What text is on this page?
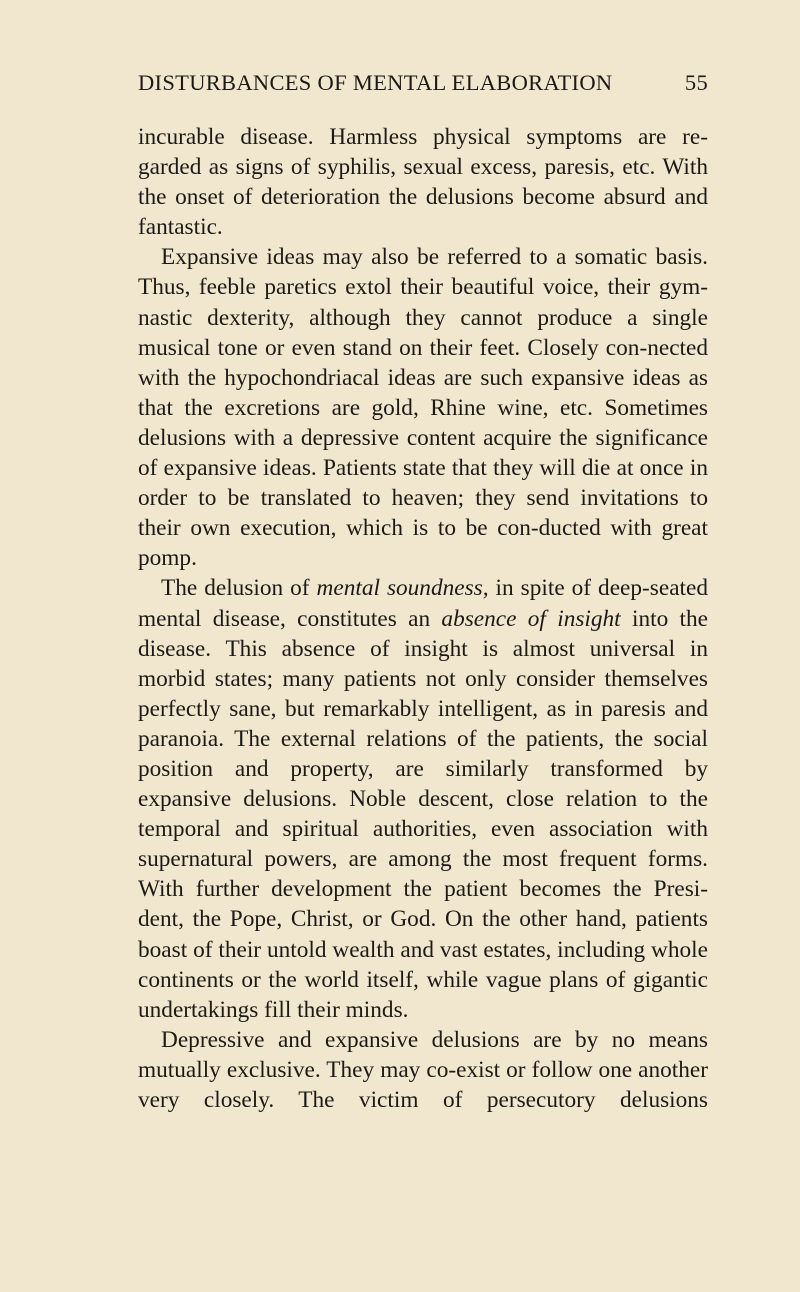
DISTURBANCES OF MENTAL ELABORATION	55

incurable disease. Harmless physical symptoms are re-garded as signs of syphilis, sexual excess, paresis, etc. With the onset of deterioration the delusions become absurd and fantastic.

Expansive ideas may also be referred to a somatic basis. Thus, feeble paretics extol their beautiful voice, their gym-nastic dexterity, although they cannot produce a single musical tone or even stand on their feet. Closely con-nected with the hypochondriacal ideas are such expansive ideas as that the excretions are gold, Rhine wine, etc. Sometimes delusions with a depressive content acquire the significance of expansive ideas. Patients state that they will die at once in order to be translated to heaven; they send invitations to their own execution, which is to be con-ducted with great pomp.

The delusion of mental soundness, in spite of deep-seated mental disease, constitutes an absence of insight into the disease. This absence of insight is almost universal in morbid states; many patients not only consider themselves perfectly sane, but remarkably intelligent, as in paresis and paranoia. The external relations of the patients, the social position and property, are similarly transformed by expansive delusions. Noble descent, close relation to the temporal and spiritual authorities, even association with supernatural powers, are among the most frequent forms. With further development the patient becomes the Presi-dent, the Pope, Christ, or God. On the other hand, patients boast of their untold wealth and vast estates, including whole continents or the world itself, while vague plans of gigantic undertakings fill their minds.

Depressive and expansive delusions are by no means mutually exclusive. They may co-exist or follow one another very closely. The victim of persecutory delusions
